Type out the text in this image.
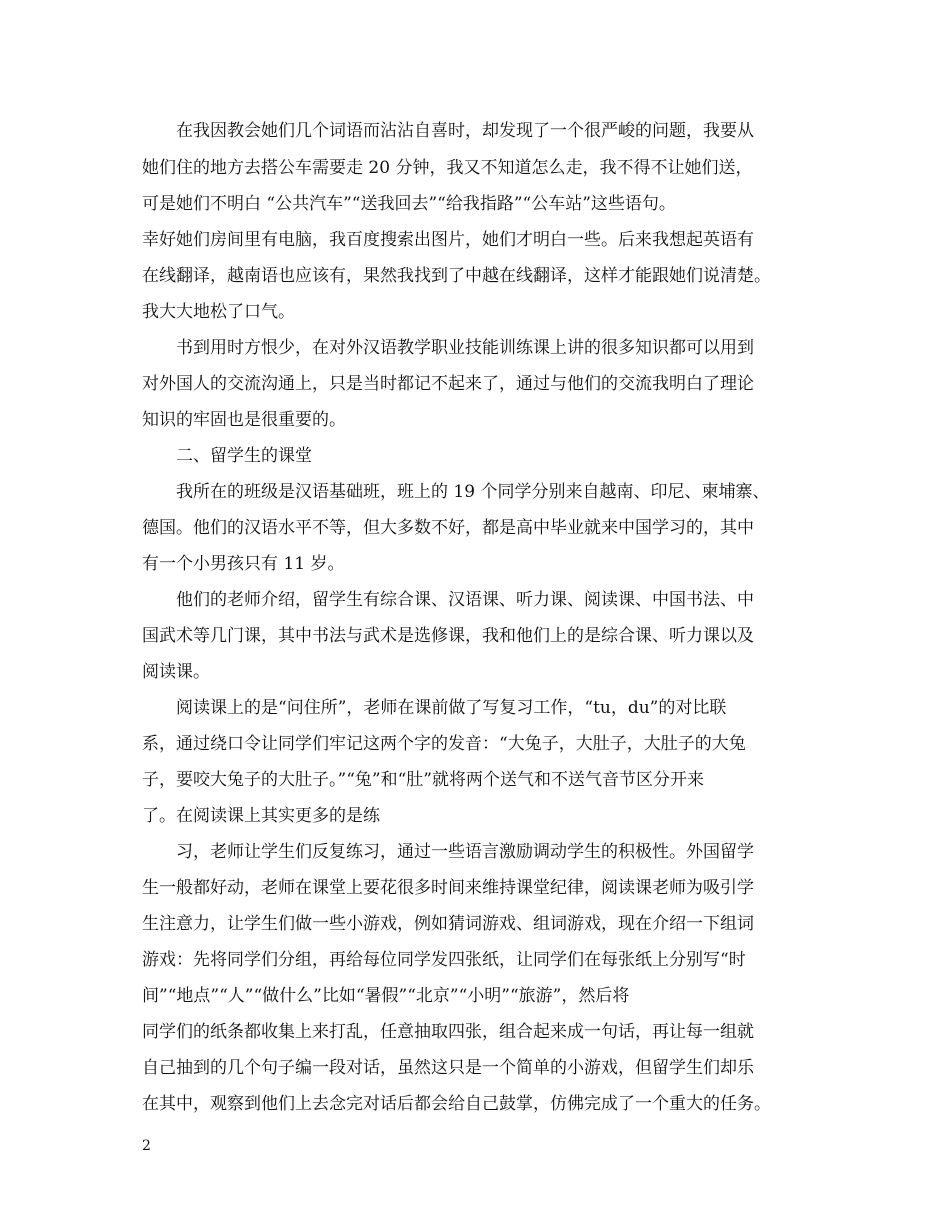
在我因教会她们几个词语而沾沾自喜时，却发现了一个很严峻的问题，我要从
她们住的地方去搭公车需要走 20 分钟，我又不知道怎么走，我不得不让她们送，
可是她们不明白 “公共汽车”“送我回去”“给我指路”“公车站”这些语句。
幸好她们房间里有电脑，我百度搜索出图片，她们才明白一些。后来我想起英语有
在线翻译，越南语也应该有，果然我找到了中越在线翻译，这样才能跟她们说清楚。
我大大地松了口气。
书到用时方恨少，在对外汉语教学职业技能训练课上讲的很多知识都可以用到
对外国人的交流沟通上，只是当时都记不起来了，通过与他们的交流我明白了理论
知识的牢固也是很重要的。
二、留学生的课堂
我所在的班级是汉语基础班，班上的 19 个同学分别来自越南、印尼、柬埔寨、
德国。他们的汉语水平不等，但大多数不好，都是高中毕业就来中国学习的，其中
有一个小男孩只有 11 岁。
他们的老师介绍，留学生有综合课、汉语课、听力课、阅读课、中国书法、中
国武术等几门课，其中书法与武术是选修课，我和他们上的是综合课、听力课以及
阅读课。
阅读课上的是“问住所”，老师在课前做了写复习工作，“tu，du”的对比联
系，通过绕口令让同学们牢记这两个字的发音：“大兔子，大肚子，大肚子的大兔
子，要咬大兔子的大肚子。”“兔”和“肚”就将两个送气和不送气音节区分开来
了。在阅读课上其实更多的是练
习，老师让学生们反复练习，通过一些语言激励调动学生的积极性。外国留学
生一般都好动，老师在课堂上要花很多时间来维持课堂纪律，阅读课老师为吸引学
生注意力，让学生们做一些小游戏，例如猜词游戏、组词游戏，现在介绍一下组词
游戏：先将同学们分组，再给每位同学发四张纸，让同学们在每张纸上分别写“时
间”“地点”“人”“做什么”比如“暑假”“北京”“小明”“旅游”，然后将
同学们的纸条都收集上来打乱，任意抽取四张，组合起来成一句话，再让每一组就
自己抽到的几个句子编一段对话，虽然这只是一个简单的小游戏，但留学生们却乐
在其中，观察到他们上去念完对话后都会给自己鼓掌，仿佛完成了一个重大的任务。
2
